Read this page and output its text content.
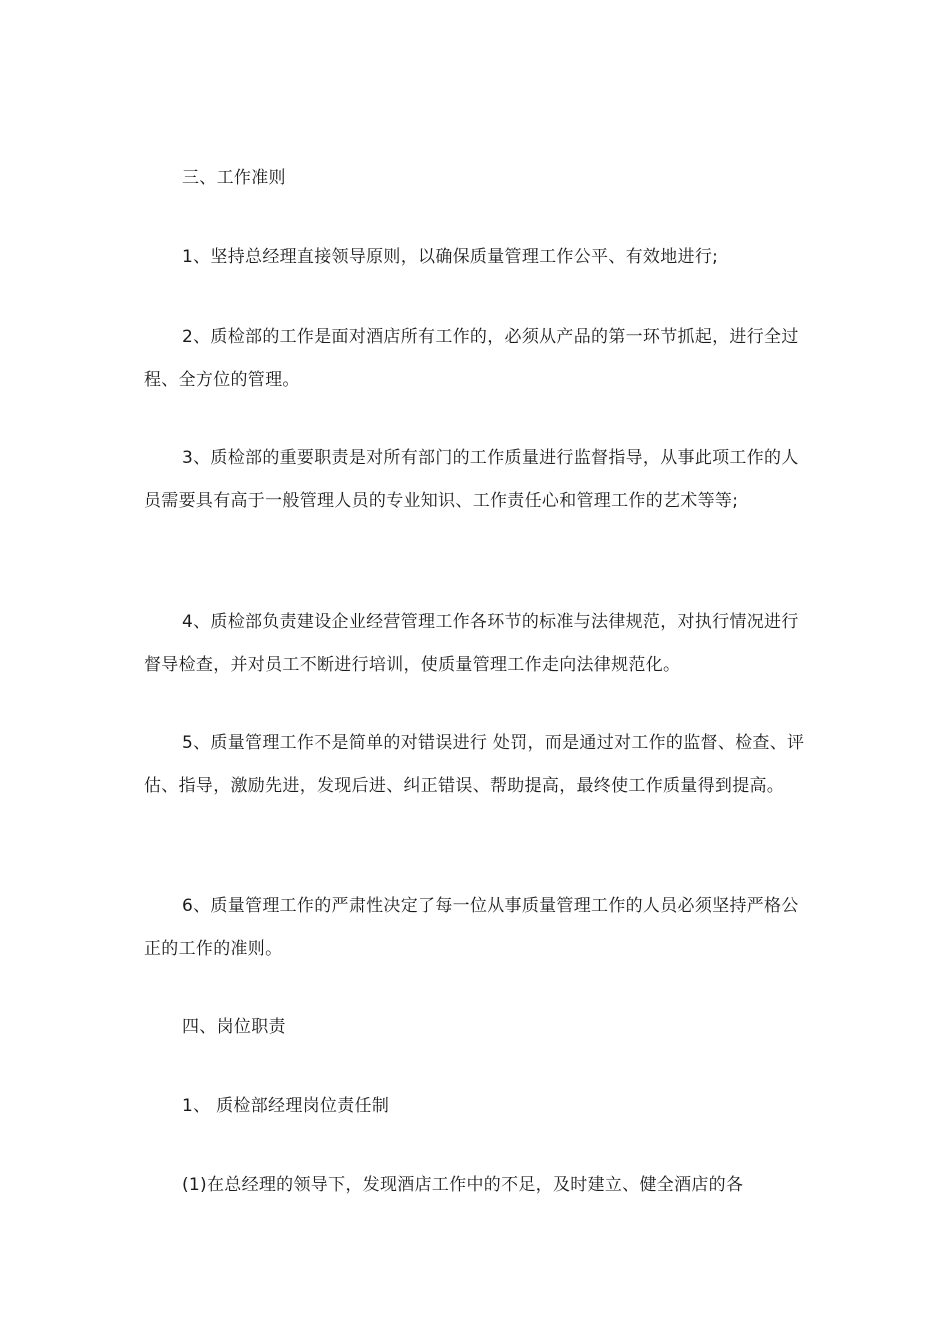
三、工作准则

1、坚持总经理直接领导原则，以确保质量管理工作公平、有效地进行;

2、质检部的工作是面对酒店所有工作的，必须从产品的第一环节抓起，进行全过程、全方位的管理。

3、质检部的重要职责是对所有部门的工作质量进行监督指导，从事此项工作的人员需要具有高于一般管理人员的专业知识、工作责任心和管理工作的艺术等等;

4、质检部负责建设企业经营管理工作各环节的标准与法律规范，对执行情况进行督导检查，并对员工不断进行培训，使质量管理工作走向法律规范化。

5、质量管理工作不是简单的对错误进行 处罚，而是通过对工作的监督、检查、评估、指导，激励先进，发现后进、纠正错误、帮助提高，最终使工作质量得到提高。

6、质量管理工作的严肃性决定了每一位从事质量管理工作的人员必须坚持严格公正的工作的准则。

四、岗位职责

1、 质检部经理岗位责任制

(1)在总经理的领导下，发现酒店工作中的不足，及时建立、健全酒店的各
